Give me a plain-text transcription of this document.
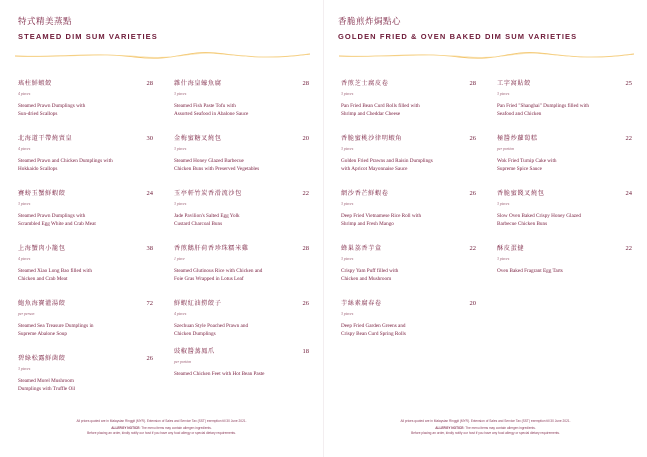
特式精美蒸點
STEAMED DIM SUM VARIETIES
瑤柱鮮蝦餃	28
4 pieces
Steamed Prawn Dumplings with
Sun-dried Scallops
北海道干帶燒賣皇	30
4 pieces
Steamed Prawn and Chicken Dumplings with
Hokkaido Scallops
賽螃玉蟹鮮蝦餃	24
3 pieces
Steamed Prawn Dumplings with
Scrambled Egg White and Crab Meat
上海蟹肉小籠包	38
4 pieces
Steamed Xiao Long Bao filled with
Chicken and Crab Meat
鮑魚海寶灌湯餃	72
per person
Steamed Sea Treasure Dumplings in
Supreme Abalone Soup
碧綠松露鮮菌餃	26
3 pieces
Steamed Morel Mushroom
Dumplings with Truffle Oil
雜什海皇蠔魚腐	28
3 pieces
Steamed Fish Paste Tofu with
Assorted Seafood in Abalone Sauce
金梅蜜糖叉燒包	20
3 pieces
Steamed Honey Glazed Barbecue
Chicken Buns with Preserved Vegetables
玉亭軒竹炭香滑流沙包	22
3 pieces
Jade Pavilion's Salted Egg Yolk
Custard Charcoal Buns
香煎鵝肝荷香珍珠糯米雞	28
1 piece
Steamed Glutinous Rice with Chicken and
Foie Gras Wrapped in Lotus Leaf
鮮蝦紅油撈餃子	26
4 pieces
Szechuan Style Poached Prawn and
Chicken Dumplings
豉椒醬蒸鳳爪	18
per portion
Steamed Chicken Feet with Hot Bean Paste
All prices quoted are in Malaysian Ringgit (MYR). Extension of Sales and Service Tax (SST) exemption till 30 June 2021.
ALLERGY NOTICE: The menu items may contain allergen ingredients.
Before placing an order, kindly notify our host if you have any food allergy or special dietary requirements.
香脆煎炸焗點心
GOLDEN FRIED & OVEN BAKED DIM SUM VARIETIES
香煎芝士腐皮卷	28
3 pieces
Pan Fried Bean Curd Rolls filled with
Shrimp and Cheddar Cheese
香脆蜜桃沙律明蝦角	26
3 pieces
Golden Fried Prawns and Raisin Dumplings
with Apricot Mayonnaise Sauce
網沙香芒鮮蝦卷	26
3 pieces
Deep Fried Vietnamese Rice Roll with
Shrimp and Fresh Mango
蜂巢荔香芋盒	22
3 pieces
Crispy Yam Puff filled with
Chicken and Mushroom
芋絲素腐春卷	20
3 pieces
Deep Fried Garden Greens and
Crispy Bean Curd Spring Rolls
工字窩貼餃	25
3 pieces
Pan Fried "Shanghai" Dumplings filled with
Seafood and Chicken
極醬炒蘿蔔糕	22
per portion
Wok Fried Turnip Cake with
Supreme Spice Sauce
香脆蜜餞叉燒包	24
3 pieces
Slow Oven Baked Crispy Honey Glazed
Barbecue Chicken Buns
酥皮蛋撻	22
3 pieces
Oven Baked Fragrant Egg Tarts
All prices quoted are in Malaysian Ringgit (MYR). Extension of Sales and Service Tax (SST) exemption till 30 June 2021.
ALLERGY NOTICE: The menu items may contain allergen ingredients.
Before placing an order, kindly notify our host if you have any food allergy or special dietary requirements.
